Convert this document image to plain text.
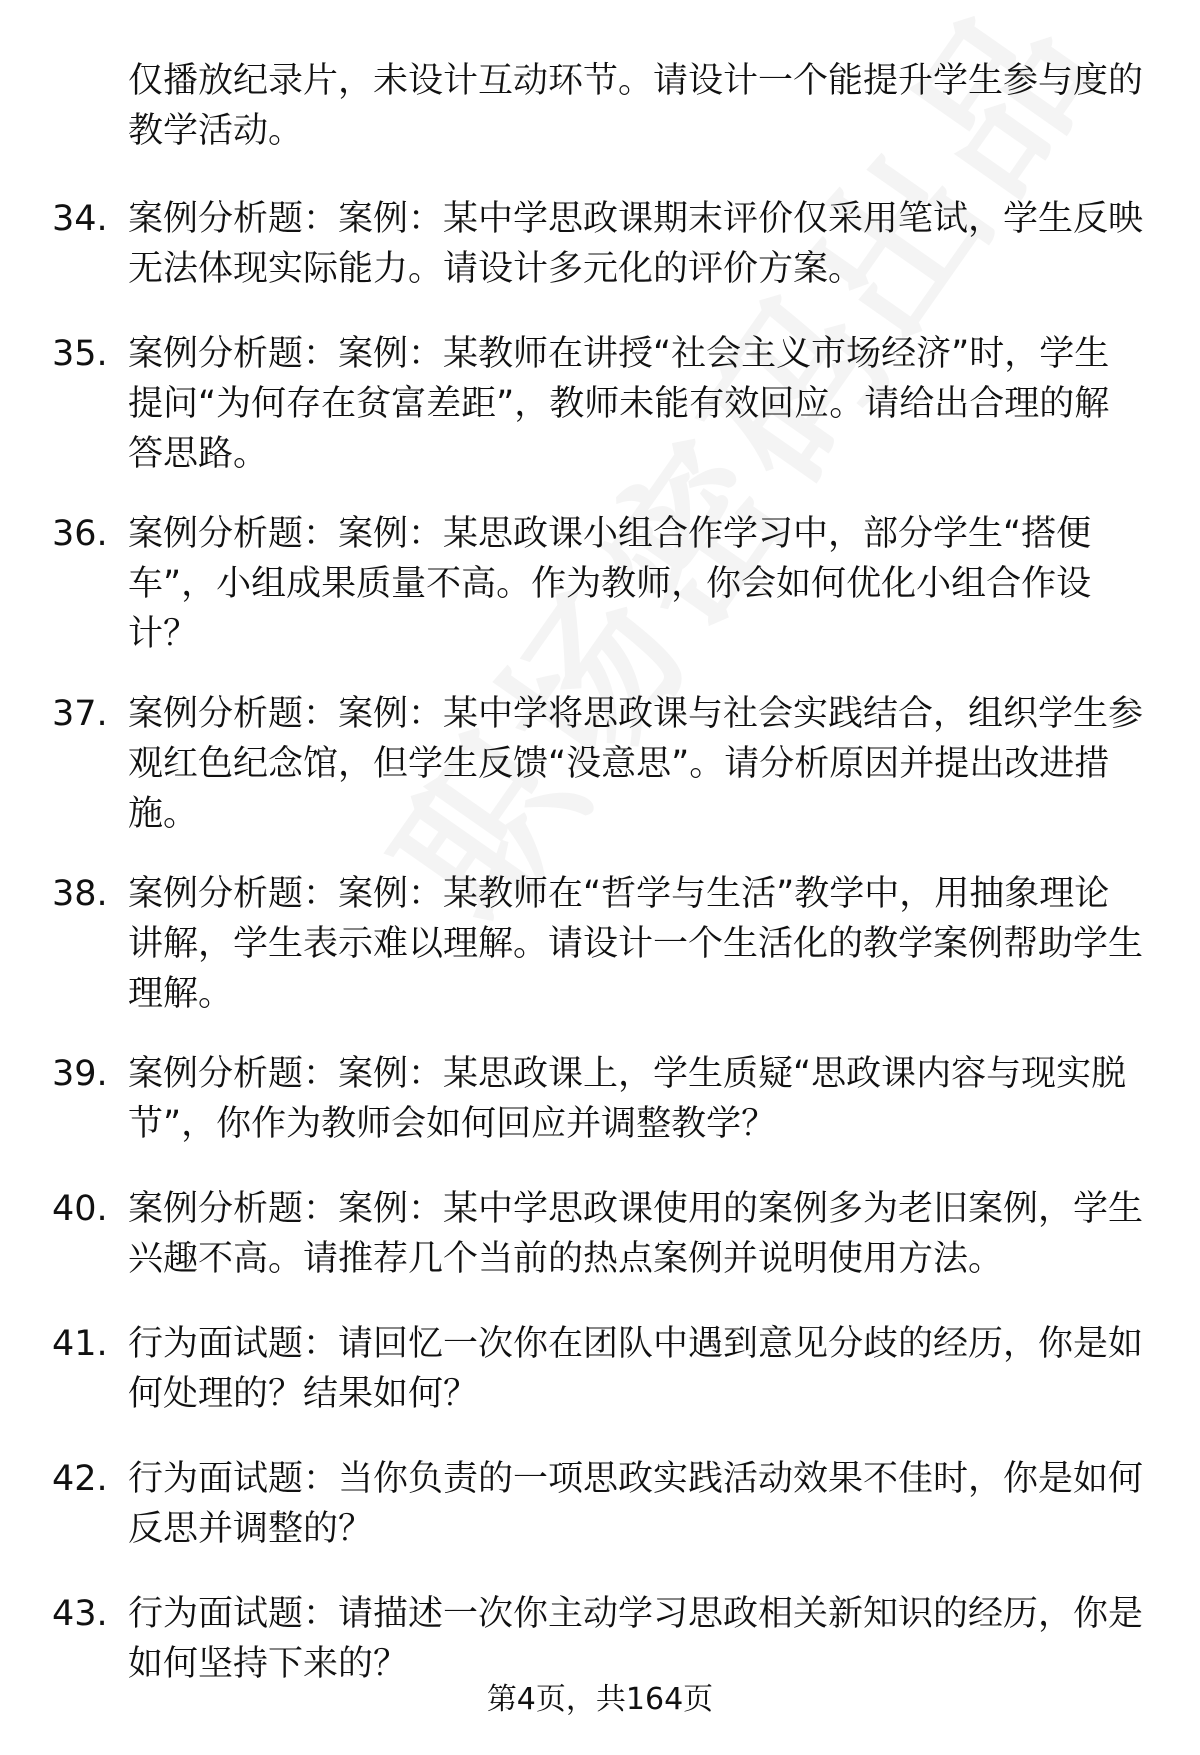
仅播放纪录片，未设计互动环节。请设计一个能提升学生参与度的教学活动。
34. 案例分析题：案例：某中学思政课期末评价仅采用笔试，学生反映无法体现实际能力。请设计多元化的评价方案。
35. 案例分析题：案例：某教师在讲授“社会主义市场经济”时，学生提问“为何存在贫富差距”，教师未能有效回应。请给出合理的解答思路。
36. 案例分析题：案例：某思政课小组合作学习中，部分学生“搭便车”，小组成果质量不高。作为教师，你会如何优化小组合作设计？
37. 案例分析题：案例：某中学将思政课与社会实践结合，组织学生参观红色纪念馆，但学生反馈“没意思”。请分析原因并提出改进措施。
38. 案例分析题：案例：某教师在“哲学与生活”教学中，用抽象理论讲解，学生表示难以理解。请设计一个生活化的教学案例帮助学生理解。
39. 案例分析题：案例：某思政课上，学生质疑“思政课内容与现实脱节”，你作为教师会如何回应并调整教学？
40. 案例分析题：案例：某中学思政课使用的案例多为老旧案例，学生兴趣不高。请推荐几个当前的热点案例并说明使用方法。
41. 行为面试题：请回忆一次你在团队中遇到意见分歧的经历，你是如何处理的？结果如何？
42. 行为面试题：当你负责的一项思政实践活动效果不佳时，你是如何反思并调整的？
43. 行为面试题：请描述一次你主动学习思政相关新知识的经历，你是如何坚持下来的？
第4页，共164页
